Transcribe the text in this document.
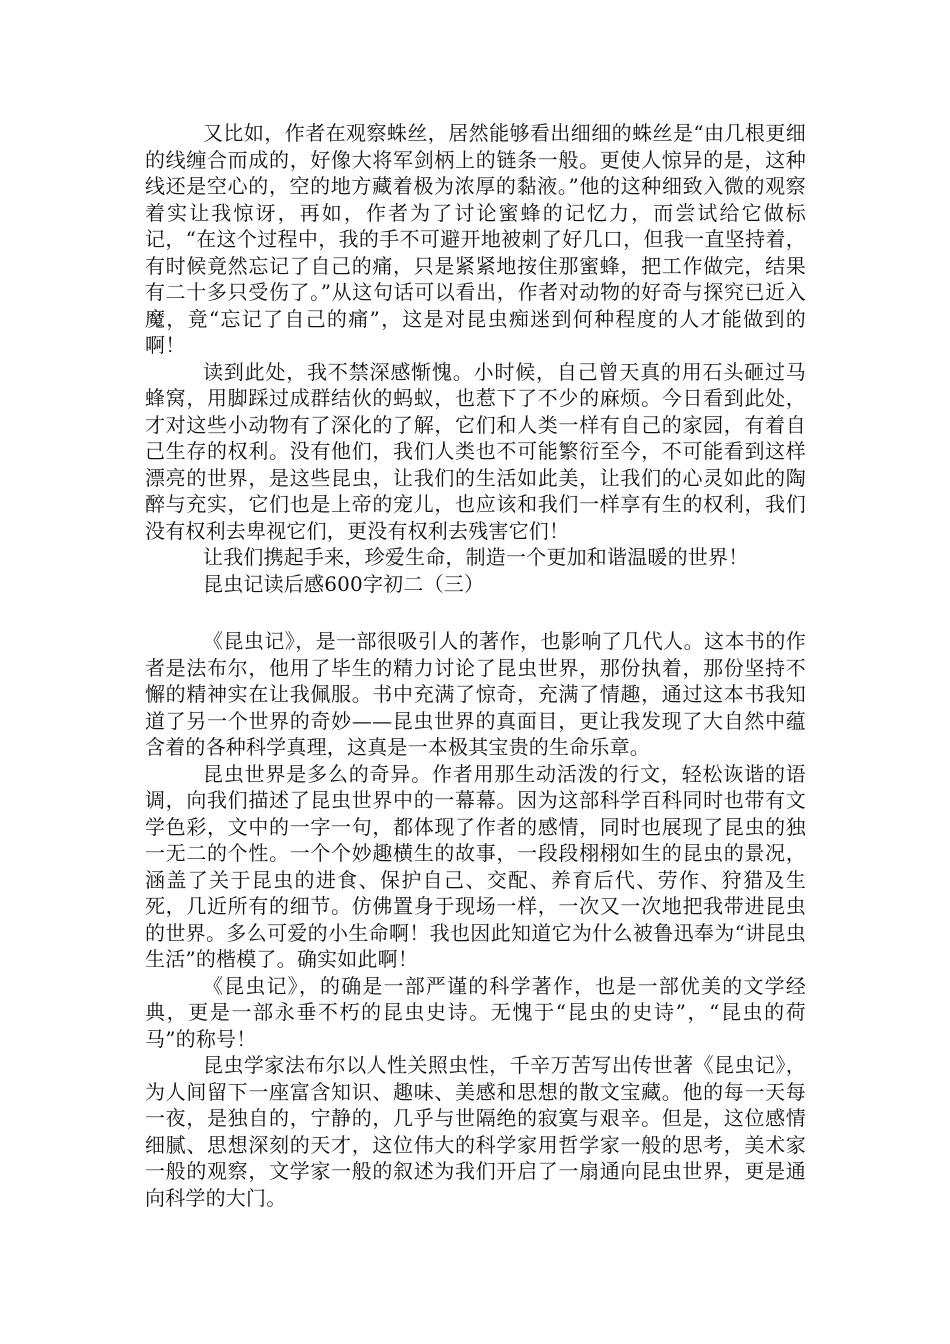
又比如，作者在观察蛛丝，居然能够看出细细的蛛丝是“由几根更细的线缠合而成的，好像大将军剑柄上的链条一般。更使人惊异的是，这种线还是空心的，空的地方藏着极为浓厚的黏液。”他的这种细致入微的观察着实让我惊讶，再如，作者为了讨论蜜蜂的记忆力，而尝试给它做标记，“在这个过程中，我的手不可避开地被刺了好几口，但我一直坚持着，有时候竟然忘记了自己的痛，只是紧紧地按住那蜜蜂，把工作做完，结果有二十多只受伤了。”从这句话可以看出，作者对动物的好奇与探究已近入魔，竟“忘记了自己的痛”，这是对昆虫痴迷到何种程度的人才能做到的啊！

读到此处，我不禁深感惭愧。小时候，自己曾天真的用石头砸过马蜂窝，用脚踩过成群结伙的蚂蚁，也惹下了不少的麻烦。今日看到此处，才对这些小动物有了深化的了解，它们和人类一样有自己的家园，有着自己生存的权利。没有他们，我们人类也不可能繁衍至今，不可能看到这样漂亮的世界，是这些昆虫，让我们的生活如此美，让我们的心灵如此的陶醉与充实，它们也是上帝的宠儿，也应该和我们一样享有生的权利，我们没有权利去卑视它们，更没有权利去残害它们！

让我们携起手来，珍爱生命，制造一个更加和谐温暖的世界！

昆虫记读后感600字初二（三）

《昆虫记》，是一部很吸引人的著作，也影响了几代人。这本书的作者是法布尔，他用了毕生的精力讨论了昆虫世界，那份执着，那份坚持不懈的精神实在让我佩服。书中充满了惊奇，充满了情趣，通过这本书我知道了另一个世界的奇妙——昆虫世界的真面目，更让我发现了大自然中蕴含着的各种科学真理，这真是一本极其宝贵的生命乐章。

昆虫世界是多么的奇异。作者用那生动活泼的行文，轻松诙谐的语调，向我们描述了昆虫世界中的一幕幕。因为这部科学百科同时也带有文学色彩，文中的一字一句，都体现了作者的感情，同时也展现了昆虫的独一无二的个性。一个个妙趣横生的故事，一段段栩栩如生的昆虫的景况，涵盖了关于昆虫的进食、保护自己、交配、养育后代、劳作、狩猎及生死，几近所有的细节。仿佛置身于现场一样，一次又一次地把我带进昆虫的世界。多么可爱的小生命啊！我也因此知道它为什么被鲁迅奉为“讲昆虫生活”的楷模了。确实如此啊！

《昆虫记》，的确是一部严谨的科学著作，也是一部优美的文学经典，更是一部永垂不朽的昆虫史诗。无愧于“昆虫的史诗”，“昆虫的荷马”的称号！

昆虫学家法布尔以人性关照虫性，千辛万苦写出传世著《昆虫记》，为人间留下一座富含知识、趣味、美感和思想的散文宝藏。他的每一天每一夜，是独自的，宁静的，几乎与世隔绝的寂寞与艰辛。但是，这位感情细腻、思想深刻的天才，这位伟大的科学家用哲学家一般的思考，美术家一般的观察，文学家一般的叙述为我们开启了一扇通向昆虫世界，更是通向科学的大门。
